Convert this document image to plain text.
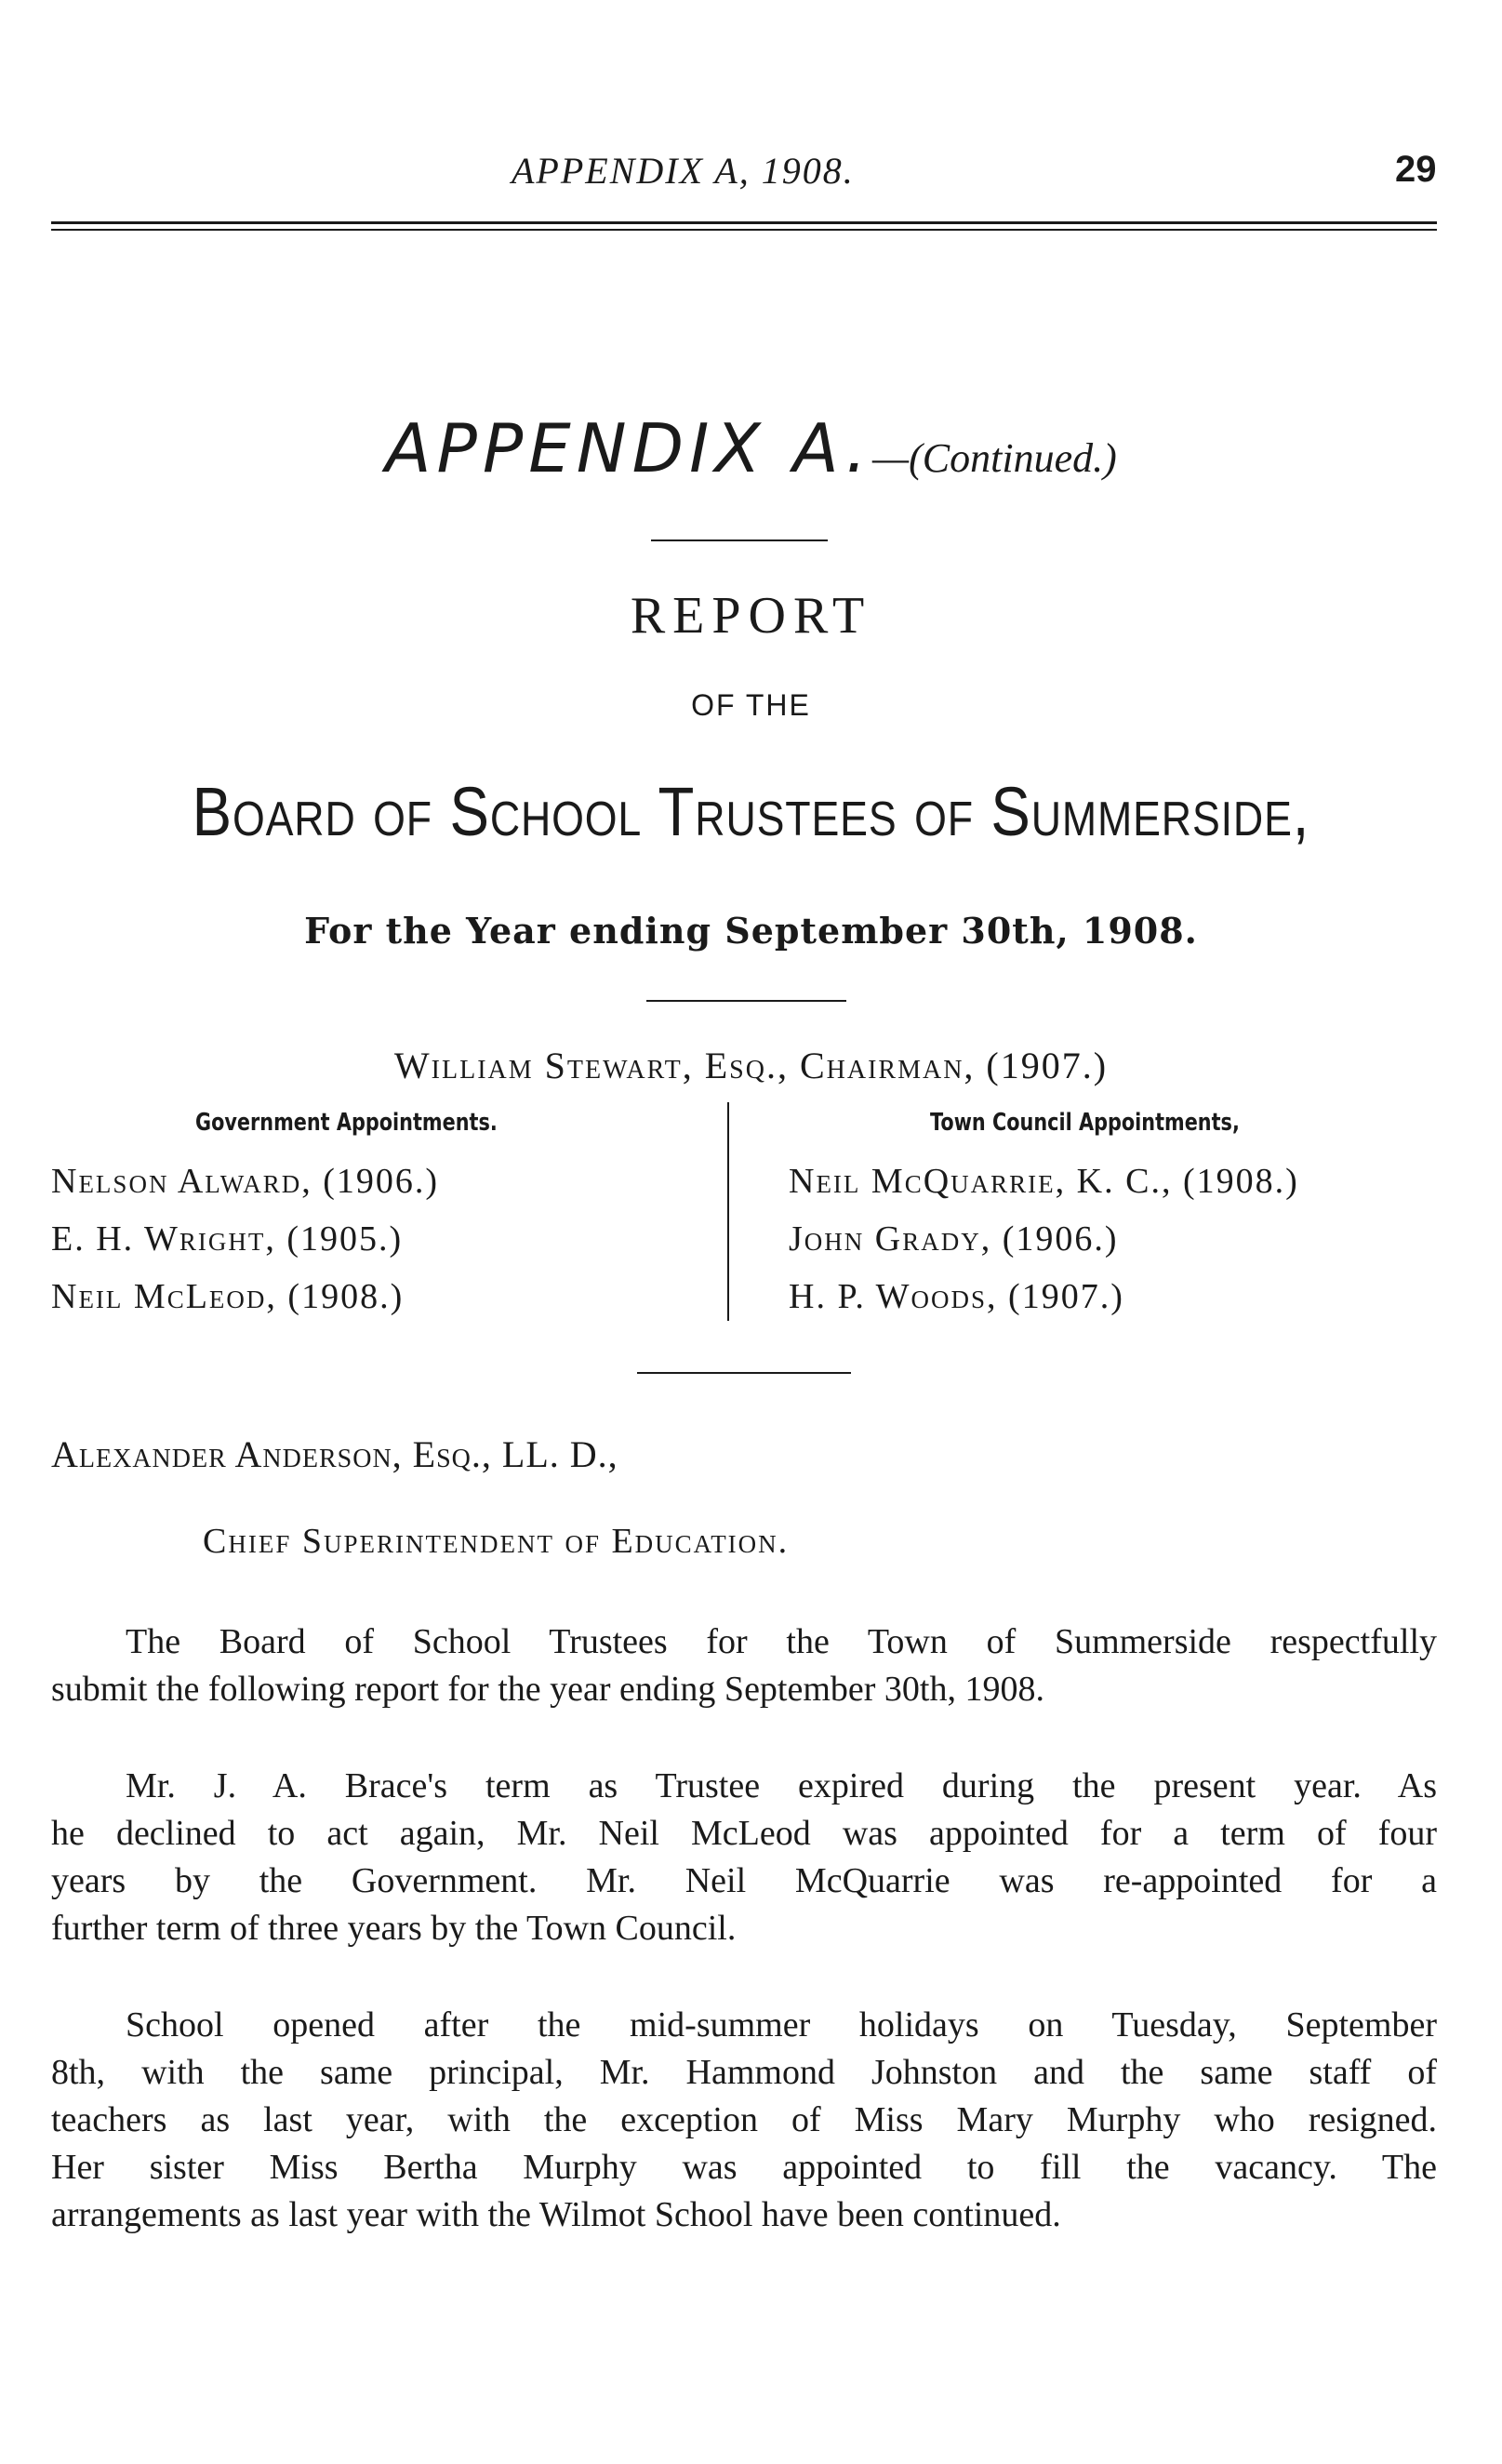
APPENDIX A, 1908.	29
APPENDIX A.—(Continued.)
REPORT
OF THE
Board of School Trustees of Summerside,
For the Year ending September 30th, 1908.
William Stewart, Esq., Chairman, (1907.)
Government Appointments.	Town Council Appointments,
Nelson Alward, (1906.)
E. H. Wright, (1905.)
Neil McLeod, (1908.)
Neil McQuarrie, K. C., (1908.)
John Grady, (1906.)
H. P. Woods, (1907.)
Alexander Anderson, Esq., LL. D.,
Chief Superintendent of Education.
The Board of School Trustees for the Town of Summerside respectfully
submit the following report for the year ending September 30th, 1908.
Mr. J. A. Brace's term as Trustee expired during the present year. As
he declined to act again, Mr. Neil McLeod was appointed for a term of four
years by the Government. Mr. Neil McQuarrie was re-appointed for a
further term of three years by the Town Council.
School opened after the mid-summer holidays on Tuesday, September
8th, with the same principal, Mr. Hammond Johnston and the same staff of
teachers as last year, with the exception of Miss Mary Murphy who resigned.
Her sister Miss Bertha Murphy was appointed to fill the vacancy. The
arrangements as last year with the Wilmot School have been continued.
